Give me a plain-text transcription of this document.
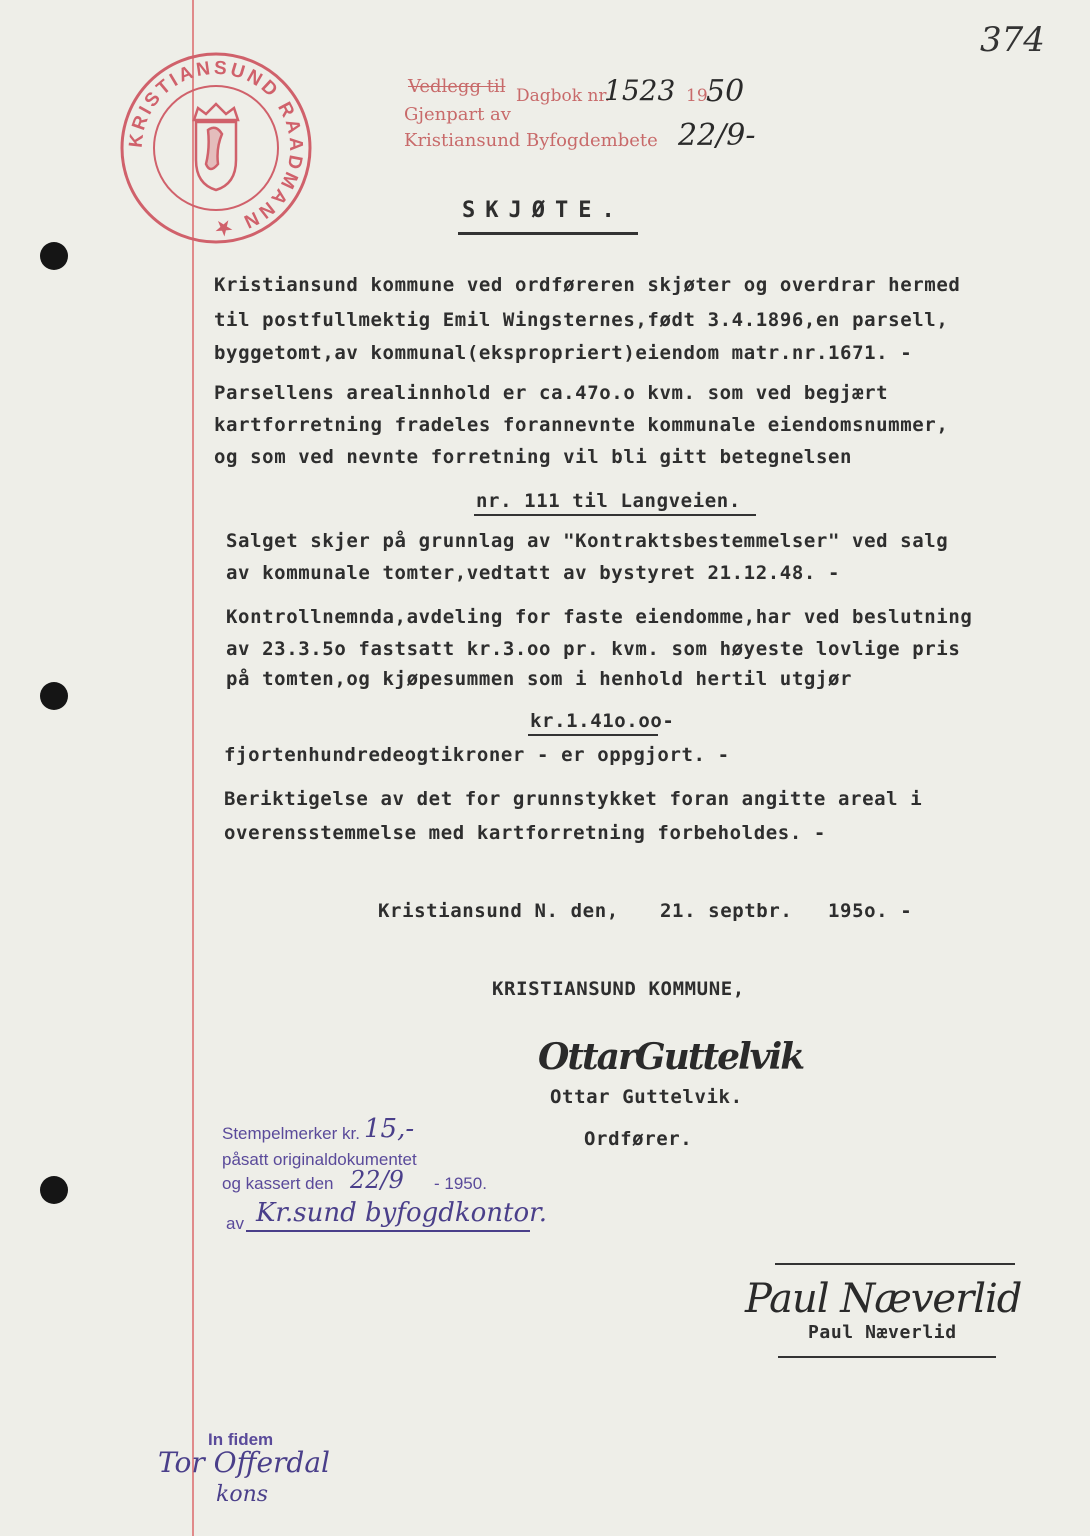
374
KRISTIANSUND RAADMANN ★
Vedlegg til Dagbok nr.
1523 19
50
Gjenpart av
Kristiansund Byfogdembete 22/9-
SKJØTE.
Kristiansund kommune ved ordføreren skjøter og overdrar hermed
til postfullmektig Emil Wingsternes,født 3.4.1896,en parsell,
byggetomt,av kommunal(ekspropriert)eiendom matr.nr.1671. -
Parsellens arealinnhold er ca.47o.o kvm. som ved begjært
kartforretning fradeles forannevnte kommunale eiendomsnummer,
og som ved nevnte forretning vil bli gitt betegnelsen
nr. 111 til Langveien.
Salget skjer på grunnlag av "Kontraktsbestemmelser" ved salg
av kommunale tomter,vedtatt av bystyret 21.12.48. -
Kontrollnemnda,avdeling for faste eiendomme,har ved beslutning
av 23.3.5o fastsatt kr.3.oo pr. kvm. som høyeste lovlige pris
på tomten,og kjøpesummen som i henhold hertil utgjør
kr.1.41o.oo-
fjortenhundredeogtikroner - er oppgjort. -
Beriktigelse av det for grunnstykket foran angitte areal i
overensstemmelse med kartforretning forbeholdes. -
Kristiansund N. den, 21. septbr. 195o. -
KRISTIANSUND KOMMUNE,
OttarGuttelvik
Ottar Guttelvik.
Ordfører.
Stempelmerker kr. 15,-
påsatt originaldokumentet
og kassert den 22/9 - 1950.
av Kr.sund byfogdkontor.
Paul Næverlid
Paul Næverlid
In fidem
Tor Offerdal
kons
